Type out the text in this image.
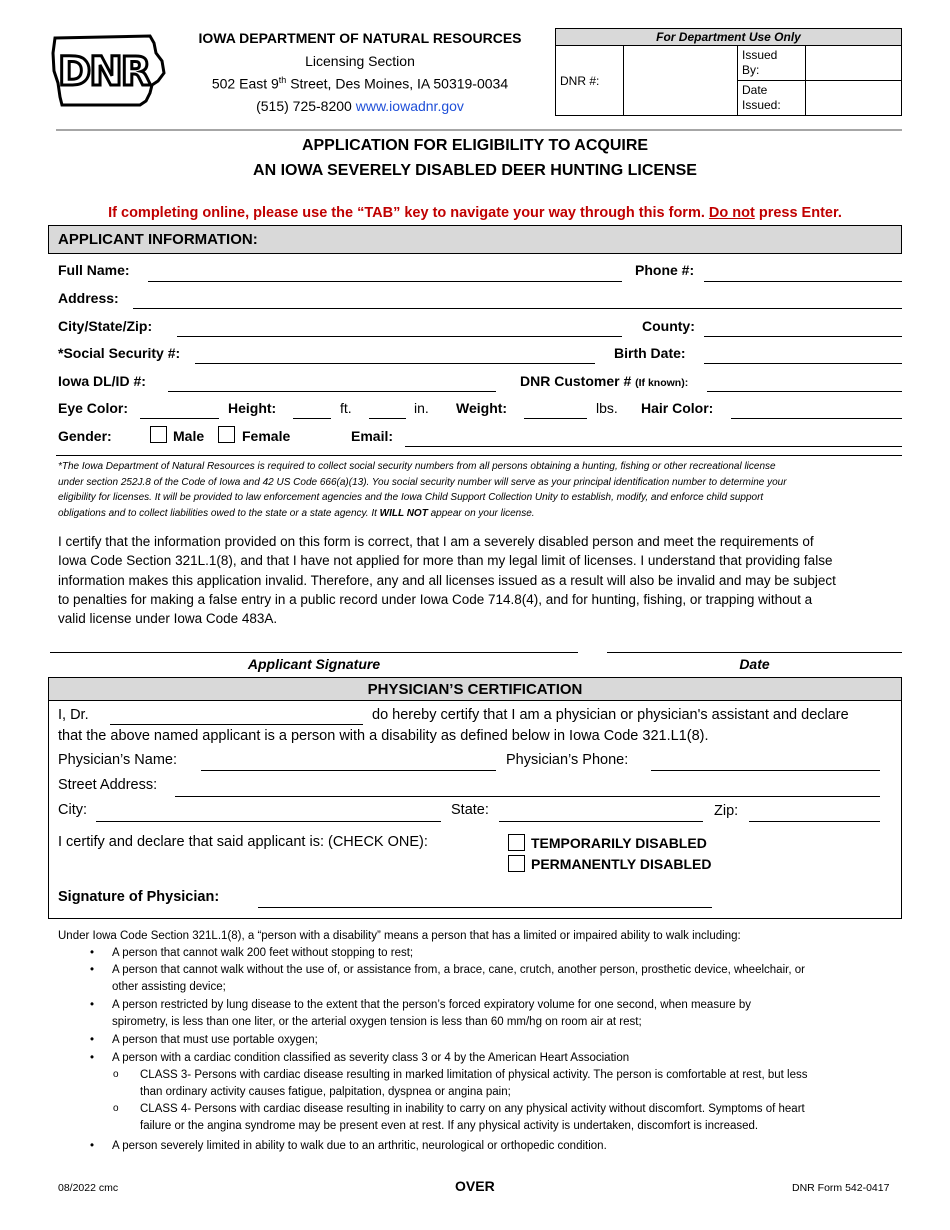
DNR
IOWA DEPARTMENT OF NATURAL RESOURCES
Licensing Section
502 East 9th Street, Des Moines, IA 50319-0034
(515) 725-8200 www.iowadnr.gov
For Department Use Only			
DNR #:		Issued
By:	
		Date
Issued:	
APPLICATION FOR ELIGIBILITY TO ACQUIRE
AN IOWA SEVERELY DISABLED DEER HUNTING LICENSE
If completing online, please use the “TAB” key to navigate your way through this form. Do not press Enter.
APPLICANT INFORMATION:
Full Name:	Phone #:
Address:
City/State/Zip:	County:
*Social Security #:	Birth Date:
Iowa DL/ID #:	DNR Customer # (If known):
Eye Color:	Height:	ft.	in. Weight:	lbs. Hair Color:
Gender:	Male	Female	Email:
*The Iowa Department of Natural Resources is required to collect social security numbers from all persons obtaining a hunting, fishing or other recreational license
under section 252J.8 of the Code of Iowa and 42 US Code 666(a)(13). You social security number will serve as your principal identification number to determine your
eligibility for licenses. It will be provided to law enforcement agencies and the Iowa Child Support Collection Unity to establish, modify, and enforce child support
obligations and to collect liabilities owed to the state or a state agency. It WILL NOT appear on your license.
I certify that the information provided on this form is correct, that I am a severely disabled person and meet the requirements of
Iowa Code Section 321L.1(8), and that I have not applied for more than my legal limit of licenses. I understand that providing false
information makes this application invalid. Therefore, any and all licenses issued as a result will also be invalid and may be subject
to penalties for making a false entry in a public record under Iowa Code 714.8(4), and for hunting, fishing, or trapping without a
valid license under Iowa Code 483A.
Applicant Signature	Date
PHYSICIAN’S CERTIFICATION
I, Dr.	do hereby certify that I am a physician or physician's assistant and declare
that the above named applicant is a person with a disability as defined below in Iowa Code 321.L1(8).
Physician’s Name:	Physician’s Phone:
Street Address:
City:	State:	Zip:
I certify and declare that said applicant is: (CHECK ONE):	TEMPORARILY DISABLED
PERMANENTLY DISABLED
Signature of Physician:
Under Iowa Code Section 321L.1(8), a “person with a disability” means a person that has a limited or impaired ability to walk including:
• A person that cannot walk 200 feet without stopping to rest;
• A person that cannot walk without the use of, or assistance from, a brace, cane, crutch, another person, prosthetic device, wheelchair, or
other assisting device;
• A person restricted by lung disease to the extent that the person’s forced expiratory volume for one second, when measure by
spirometry, is less than one liter, or the arterial oxygen tension is less than 60 mm/hg on room air at rest;
• A person that must use portable oxygen;
• A person with a cardiac condition classified as severity class 3 or 4 by the American Heart Association
o CLASS 3- Persons with cardiac disease resulting in marked limitation of physical activity. The person is comfortable at rest, but less
than ordinary activity causes fatigue, palpitation, dyspnea or angina pain;
o CLASS 4- Persons with cardiac disease resulting in inability to carry on any physical activity without discomfort. Symptoms of heart
failure or the angina syndrome may be present even at rest. If any physical activity is undertaken, discomfort is increased.
• A person severely limited in ability to walk due to an arthritic, neurological or orthopedic condition.
08/2022 cmc	OVER	DNR Form 542-0417
